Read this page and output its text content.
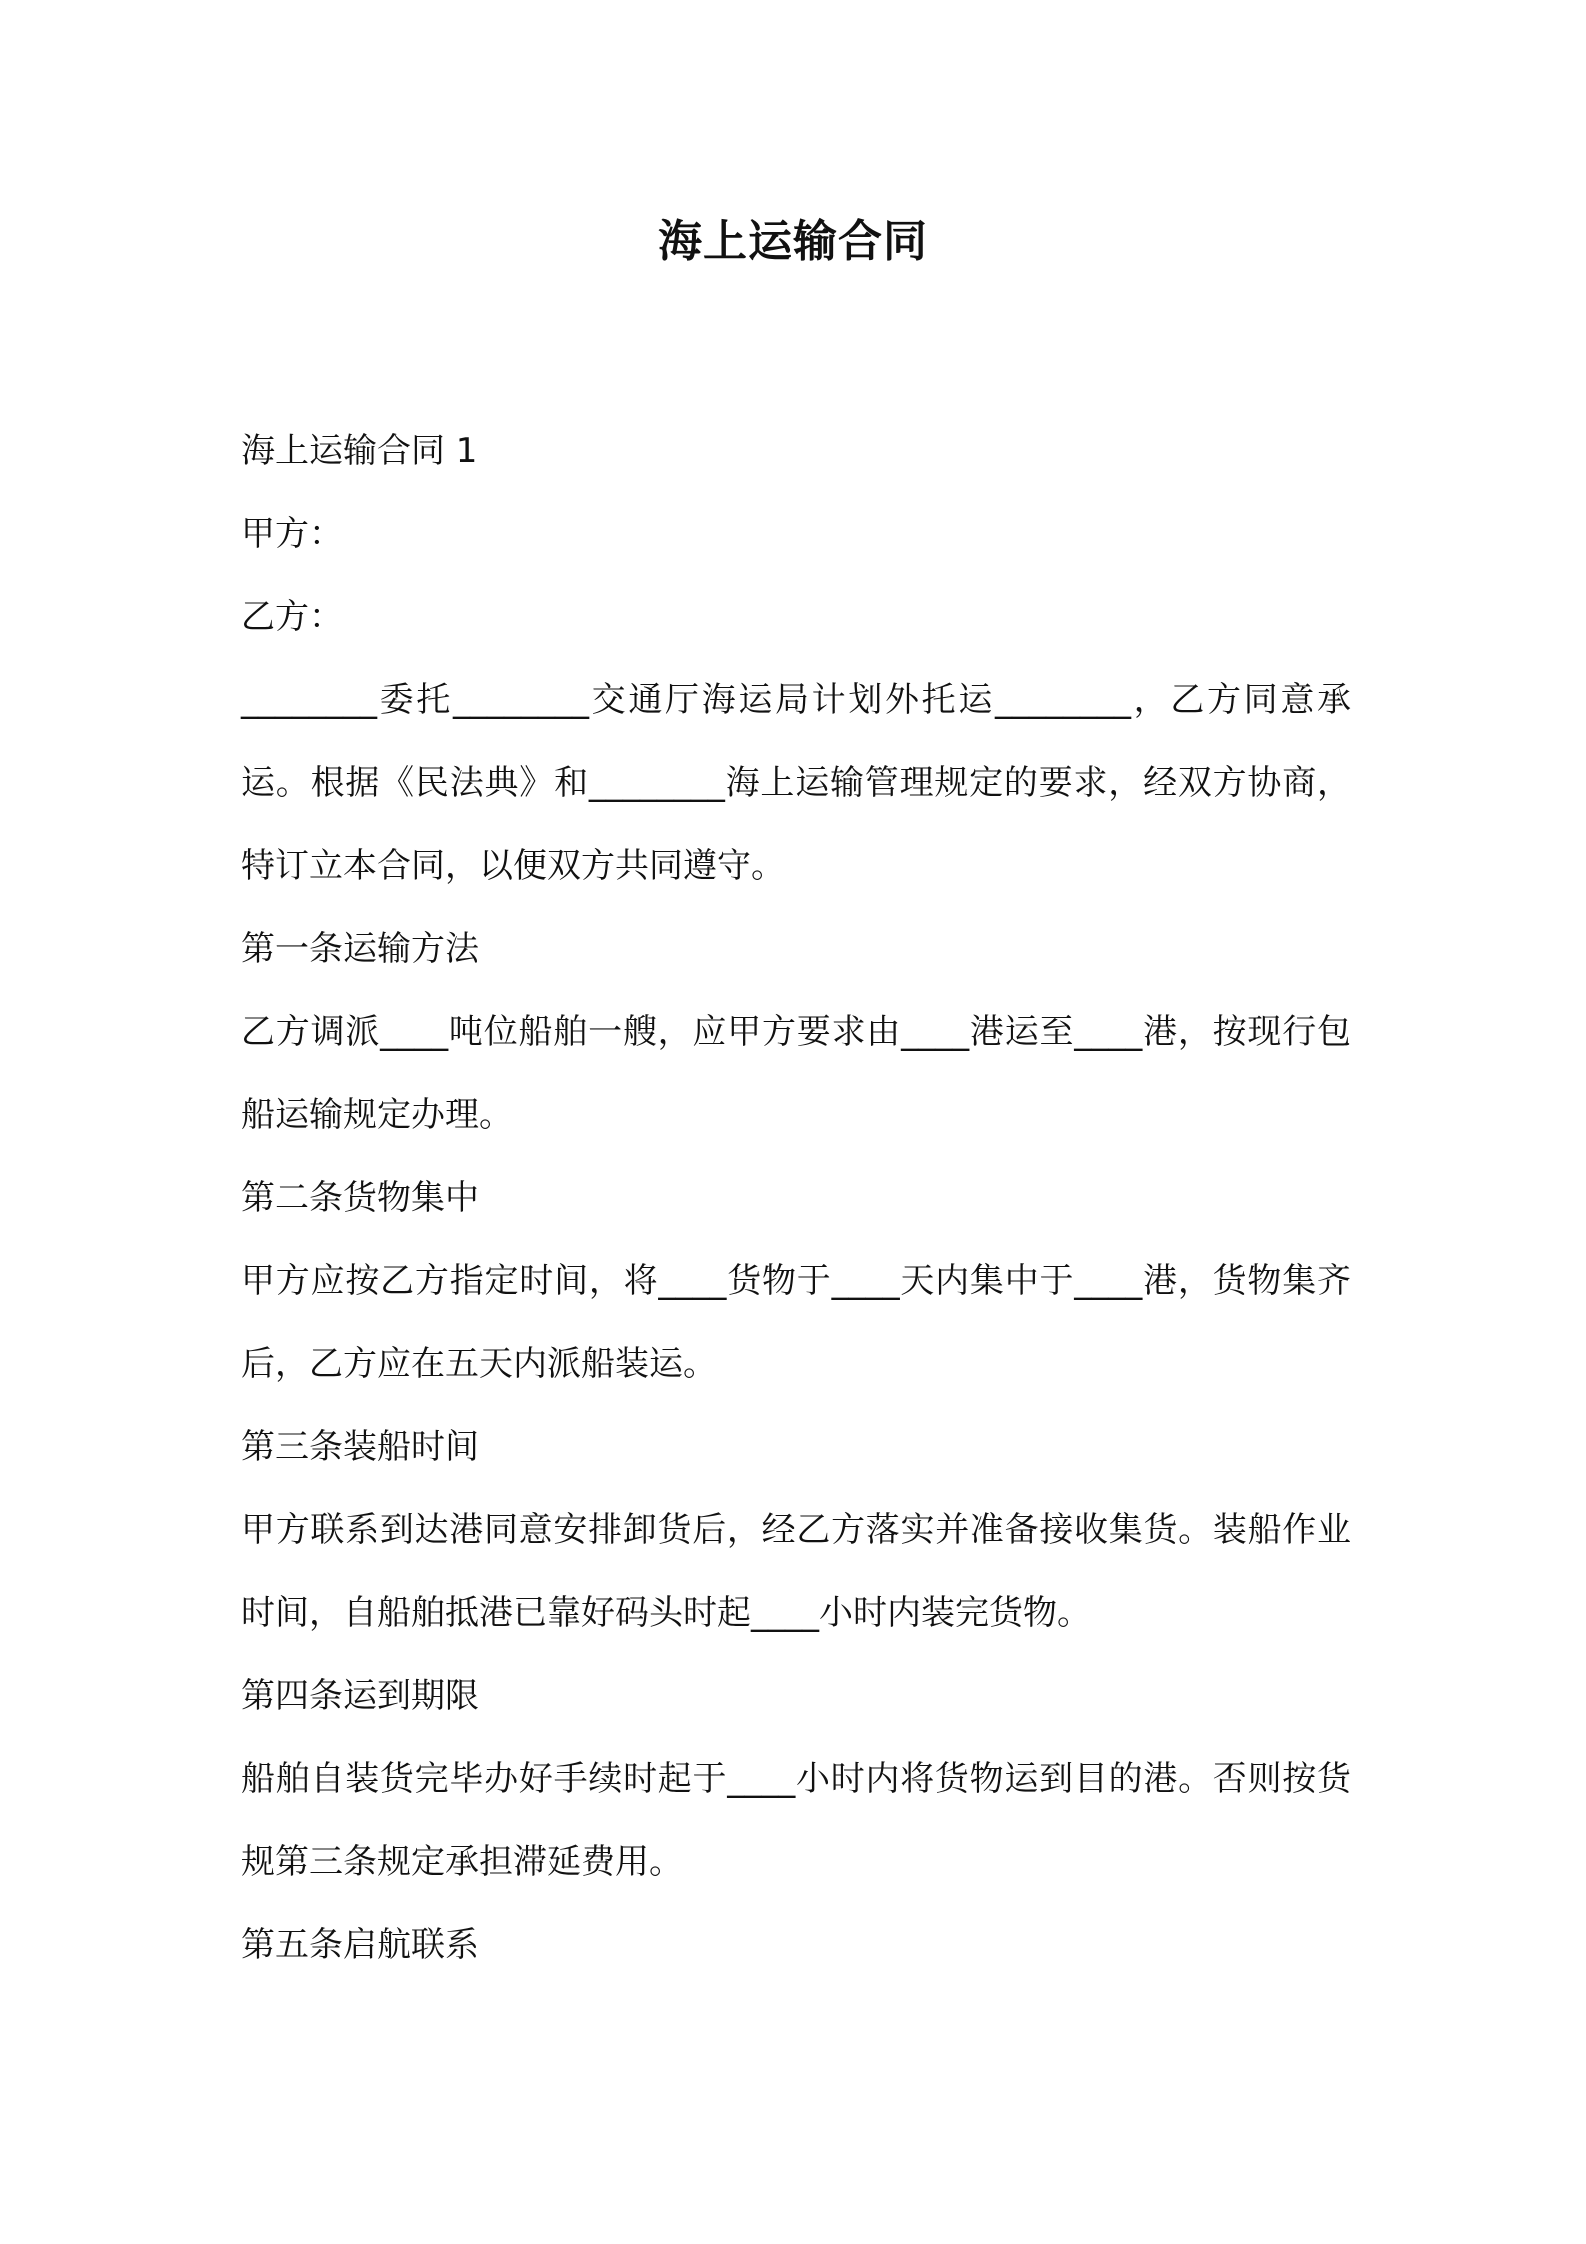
海上运输合同

海上运输合同 1

甲方：

乙方：

________委托________交通厅海运局计划外托运________，乙方同意承运。根据《民法典》和________海上运输管理规定的要求，经双方协商，特订立本合同，以便双方共同遵守。

第一条运输方法

乙方调派____吨位船舶一艘，应甲方要求由____港运至____港，按现行包船运输规定办理。

第二条货物集中

甲方应按乙方指定时间，将____货物于____天内集中于____港，货物集齐后，乙方应在五天内派船装运。

第三条装船时间

甲方联系到达港同意安排卸货后，经乙方落实并准备接收集货。装船作业时间，自船舶抵港已靠好码头时起____小时内装完货物。

第四条运到期限

船舶自装货完毕办好手续时起于____小时内将货物运到目的港。否则按货规第三条规定承担滞延费用。

第五条启航联系
